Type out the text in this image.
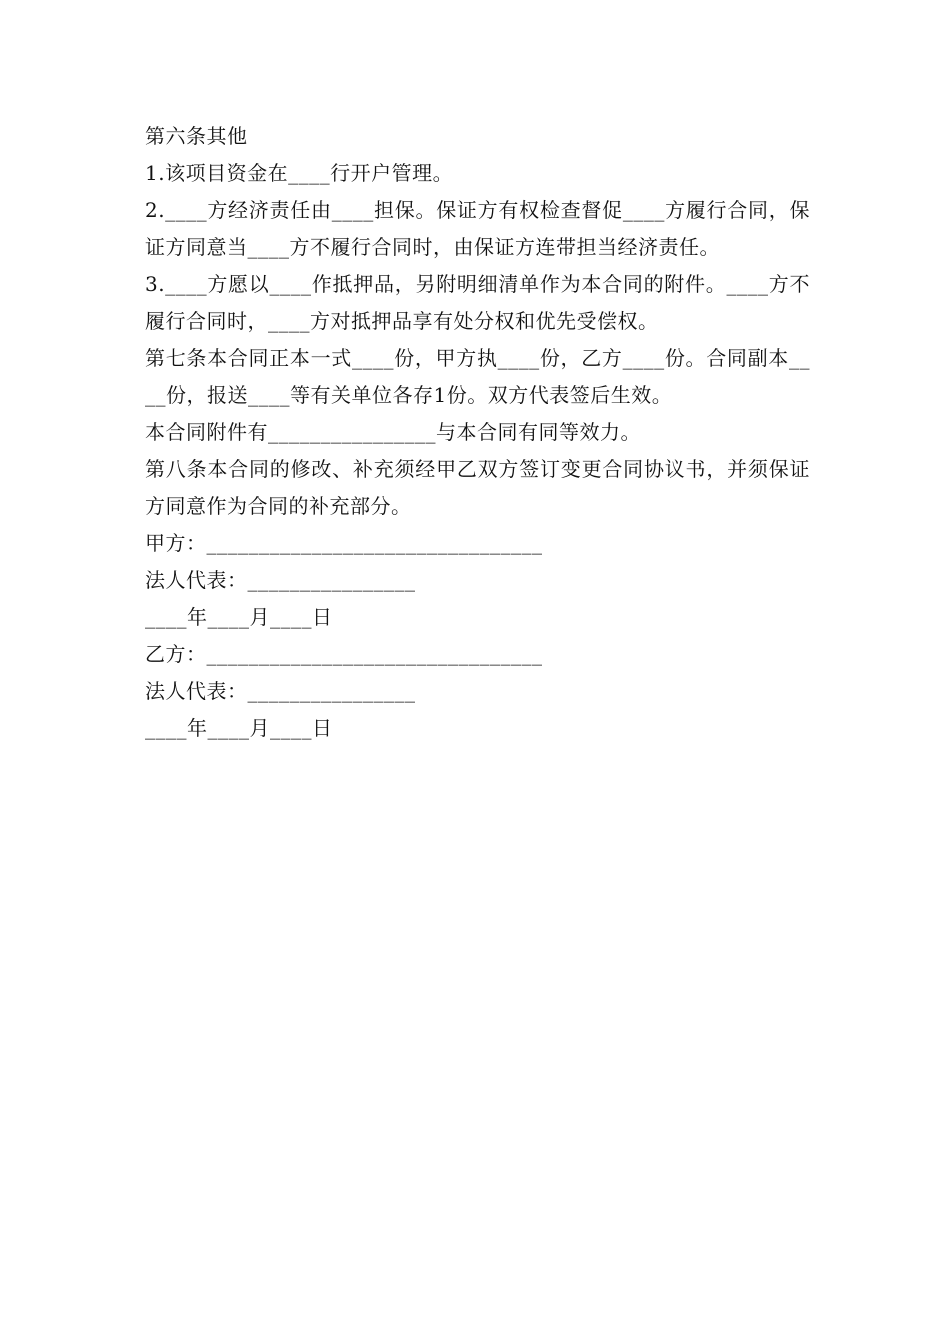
第六条其他
1.该项目资金在____行开户管理。
2.____方经济责任由____担保。保证方有权检查督促____方履行合同，保证方同意当____方不履行合同时，由保证方连带担当经济责任。
3.____方愿以____作抵押品，另附明细清单作为本合同的附件。____方不履行合同时，____方对抵押品享有处分权和优先受偿权。
第七条本合同正本一式____份，甲方执____份，乙方____份。合同副本____份，报送____等有关单位各存1份。双方代表签后生效。
本合同附件有________________与本合同有同等效力。
第八条本合同的修改、补充须经甲乙双方签订变更合同协议书，并须保证方同意作为合同的补充部分。
甲方：________________________________
法人代表：________________
____年____月____日
乙方：________________________________
法人代表：________________
____年____月____日
